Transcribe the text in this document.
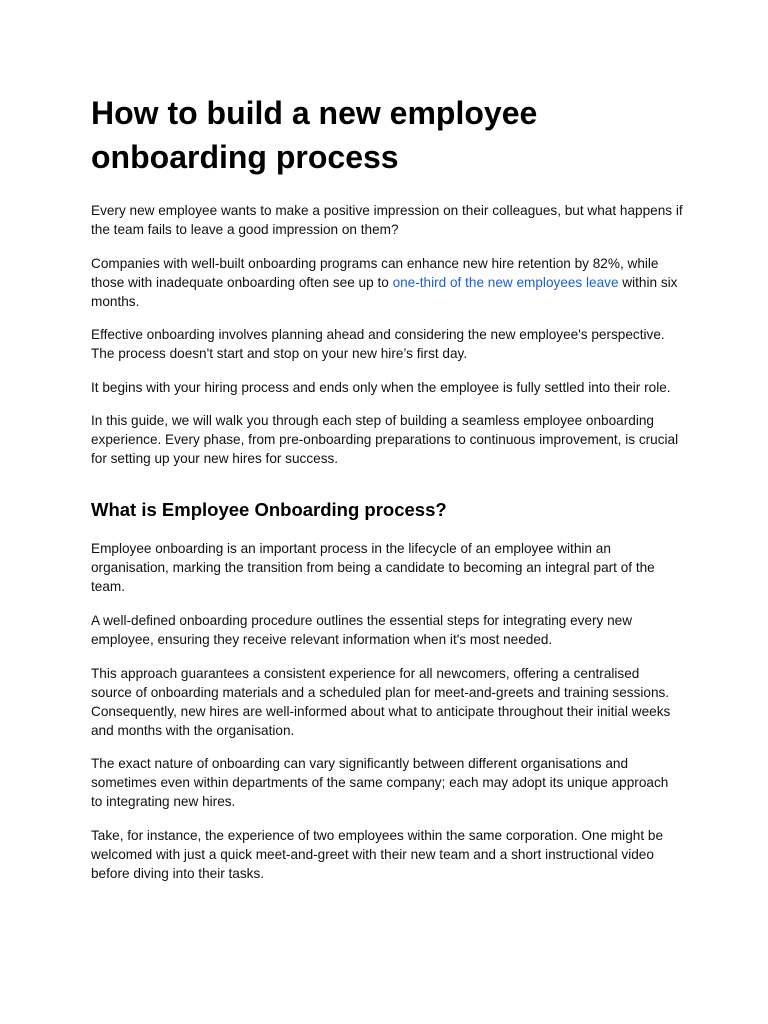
How to build a new employee onboarding process

Every new employee wants to make a positive impression on their colleagues, but what happens if the team fails to leave a good impression on them?

Companies with well-built onboarding programs can enhance new hire retention by 82%, while those with inadequate onboarding often see up to one-third of the new employees leave within six months.

Effective onboarding involves planning ahead and considering the new employee's perspective. The process doesn't start and stop on your new hire’s first day.

It begins with your hiring process and ends only when the employee is fully settled into their role.

In this guide, we will walk you through each step of building a seamless employee onboarding experience. Every phase, from pre-onboarding preparations to continuous improvement, is crucial for setting up your new hires for success.

What is Employee Onboarding process?

Employee onboarding is an important process in the lifecycle of an employee within an organisation, marking the transition from being a candidate to becoming an integral part of the team.

A well-defined onboarding procedure outlines the essential steps for integrating every new employee, ensuring they receive relevant information when it's most needed.

This approach guarantees a consistent experience for all newcomers, offering a centralised source of onboarding materials and a scheduled plan for meet-and-greets and training sessions. Consequently, new hires are well-informed about what to anticipate throughout their initial weeks and months with the organisation.

The exact nature of onboarding can vary significantly between different organisations and sometimes even within departments of the same company; each may adopt its unique approach to integrating new hires.

Take, for instance, the experience of two employees within the same corporation. One might be welcomed with just a quick meet-and-greet with their new team and a short instructional video before diving into their tasks.
